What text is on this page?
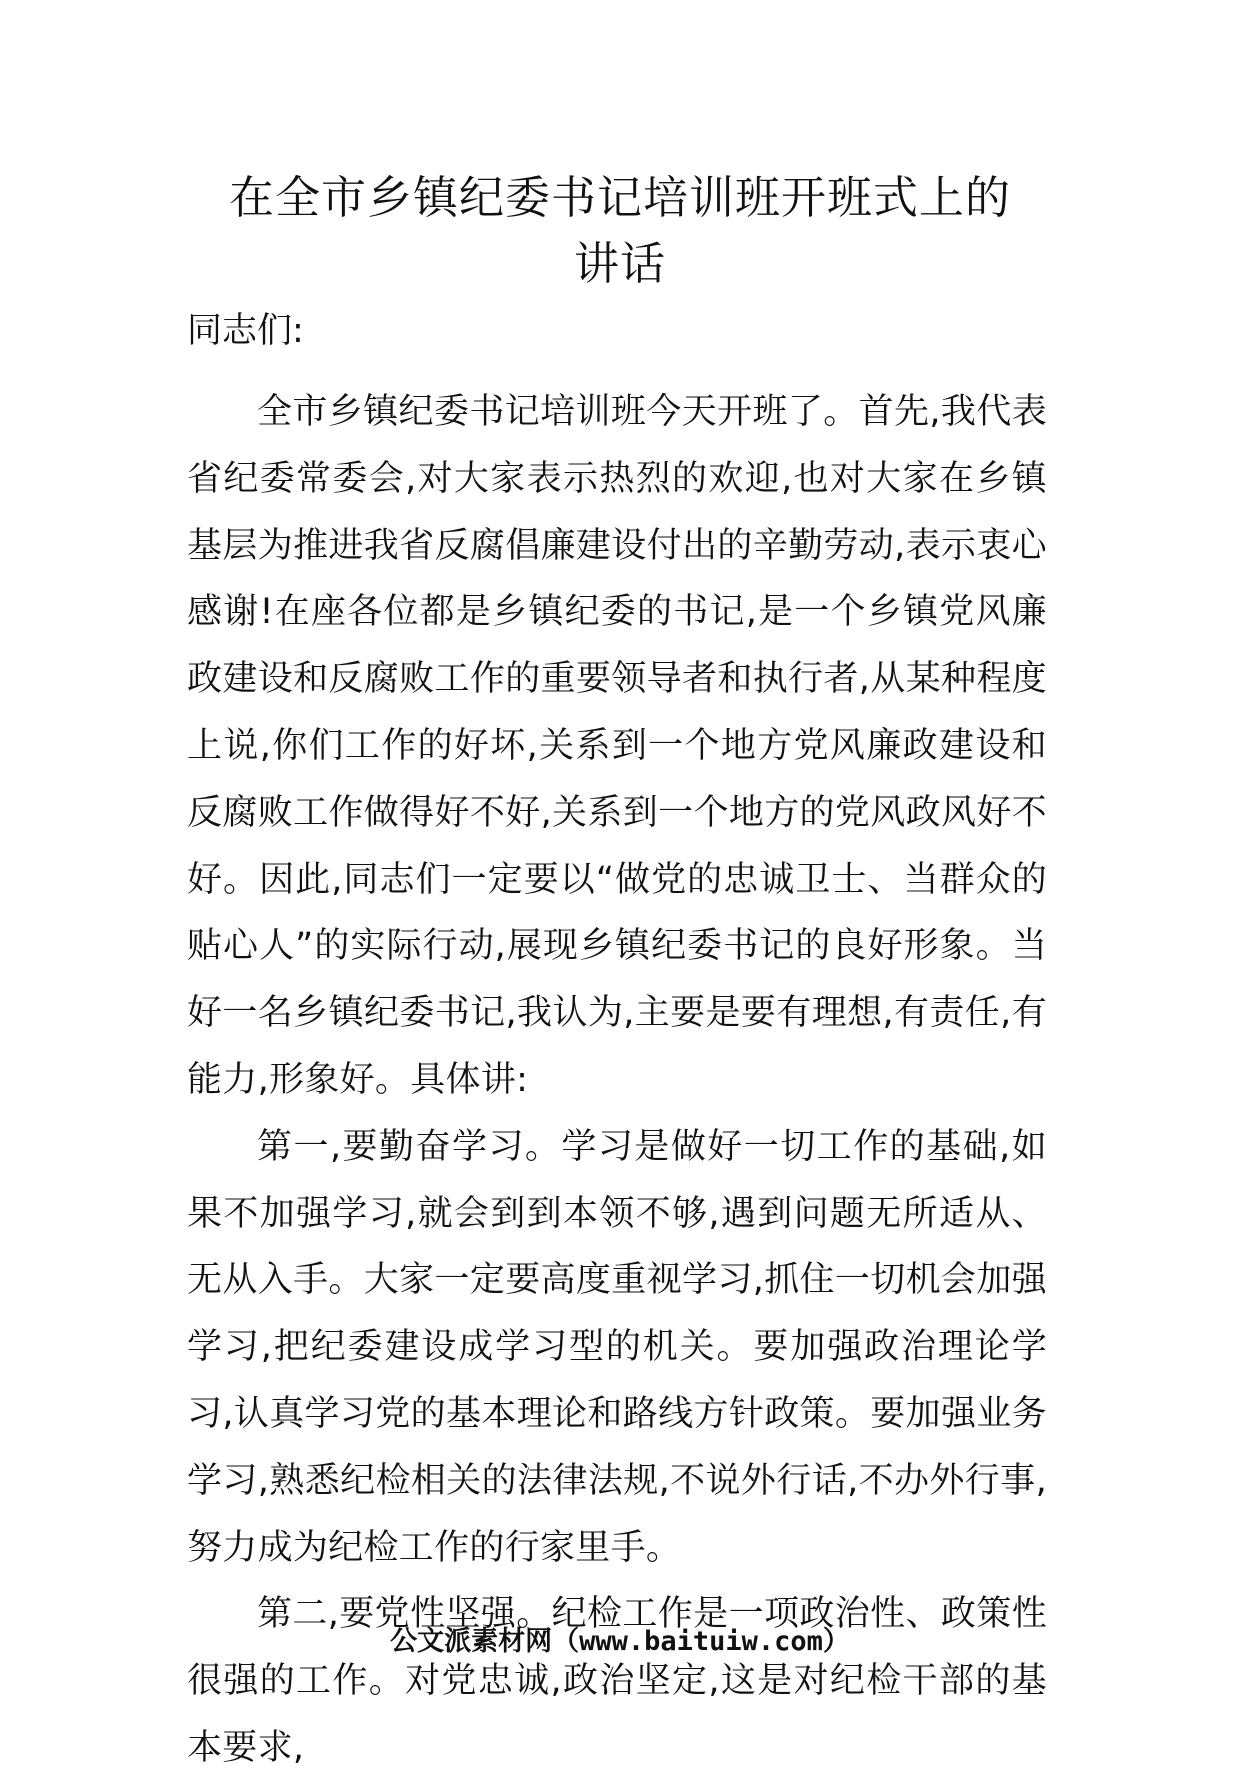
在全市乡镇纪委书记培训班开班式上的
讲话

同志们:

全市乡镇纪委书记培训班今天开班了。首先,我代表省纪委常委会,对大家表示热烈的欢迎,也对大家在乡镇基层为推进我省反腐倡廉建设付出的辛勤劳动,表示衷心感谢!在座各位都是乡镇纪委的书记,是一个乡镇党风廉政建设和反腐败工作的重要领导者和执行者,从某种程度上说,你们工作的好坏,关系到一个地方党风廉政建设和反腐败工作做得好不好,关系到一个地方的党风政风好不好。因此,同志们一定要以“做党的忠诚卫士、当群众的贴心人”的实际行动,展现乡镇纪委书记的良好形象。当好一名乡镇纪委书记,我认为,主要是要有理想,有责任,有能力,形象好。具体讲:

第一,要勤奋学习。学习是做好一切工作的基础,如果不加强学习,就会到到本领不够,遇到问题无所适从、无从入手。大家一定要高度重视学习,抓住一切机会加强学习,把纪委建设成学习型的机关。要加强政治理论学习,认真学习党的基本理论和路线方针政策。要加强业务学习,熟悉纪检相关的法律法规,不说外行话,不办外行事,努力成为纪检工作的行家里手。

第二,要党性坚强。纪检工作是一项政治性、政策性很强的工作。对党忠诚,政治坚定,这是对纪检干部的基本要求,

公文派素材网（www.baituiw.com）
